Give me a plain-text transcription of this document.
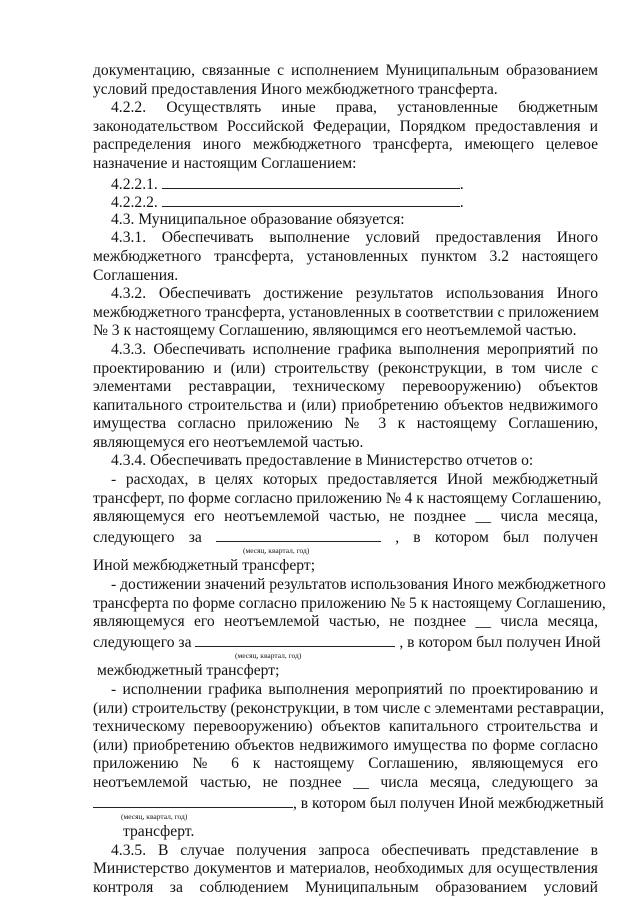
документацию, связанные с исполнением Муниципальным образованием
условий предоставления Иного межбюджетного трансферта.
4.2.2. Осуществлять иные права, установленные бюджетным
законодательством Российской Федерации, Порядком предоставления и
распределения иного межбюджетного трансферта, имеющего целевое
назначение и настоящим Соглашением:
4.2.2.1.	.
4.2.2.2.	.
4.3. Муниципальное образование обязуется:
4.3.1. Обеспечивать выполнение условий предоставления Иного
межбюджетного трансферта, установленных пунктом 3.2 настоящего
Соглашения.
4.3.2. Обеспечивать достижение результатов использования Иного
межбюджетного трансферта, установленных в соответствии с приложением
№ 3 к настоящему Соглашению, являющимся его неотъемлемой частью.
4.3.3. Обеспечивать исполнение графика выполнения мероприятий по
проектированию и (или) строительству (реконструкции, в том числе с
элементами реставрации, техническому перевооружению) объектов
капитального строительства и (или) приобретению объектов недвижимого
имущества согласно приложению № 3 к настоящему Соглашению,
являющемуся его неотъемлемой частью.
4.3.4. Обеспечивать предоставление в Министерство отчетов о:
- расходах, в целях которых предоставляется Иной межбюджетный
трансферт, по форме согласно приложению № 4 к настоящему Соглашению,
являющемуся его неотъемлемой частью, не позднее __ числа месяца,
следующего за	, в котором был получен
(месяц, квартал, год)
Иной межбюджетный трансферт;
- достижении значений результатов использования Иного межбюджетного
трансферта по форме согласно приложению № 5 к настоящему Соглашению,
являющемуся его неотъемлемой частью, не позднее __ числа месяца,
следующего за	, в котором был получен Иной
(месяц, квартал, год)
межбюджетный трансферт;
- исполнении графика выполнения мероприятий по проектированию и
(или) строительству (реконструкции, в том числе с элементами реставрации,
техническому перевооружению) объектов капитального строительства и
(или) приобретению объектов недвижимого имущества по форме согласно
приложению № 6 к настоящему Соглашению, являющемуся его
неотъемлемой частью, не позднее __ числа месяца, следующего за
, в котором был получен Иной межбюджетный
(месяц, квартал, год)
трансферт.
4.3.5. В случае получения запроса обеспечивать представление в
Министерство документов и материалов, необходимых для осуществления
контроля за соблюдением Муниципальным образованием условий
